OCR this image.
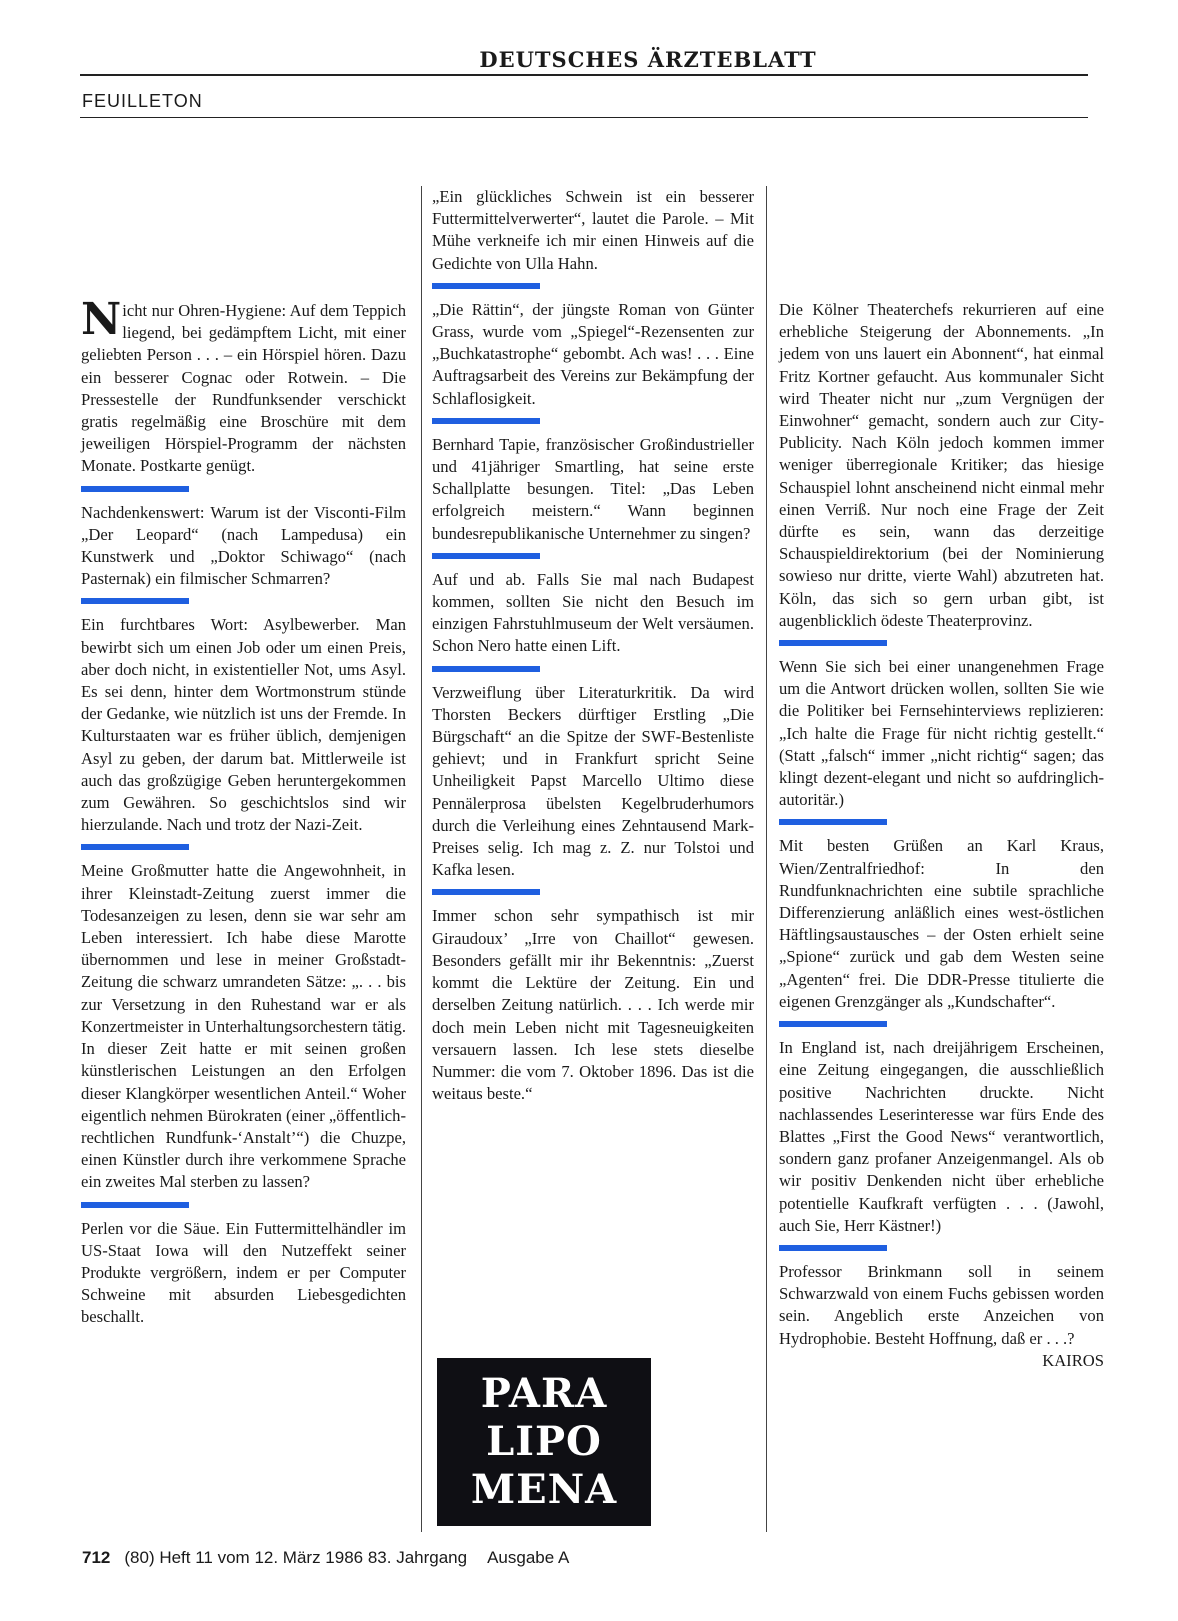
DEUTSCHES ÄRZTEBLATT
FEUILLETON

Nicht nur Ohren-Hygiene: Auf dem Teppich liegend, bei gedämpftem Licht, mit einer geliebten Person . . . – ein Hörspiel hören. Dazu ein besserer Cognac oder Rotwein. – Die Pressestelle der Rundfunksender verschickt gratis regelmäßig eine Broschüre mit dem jeweiligen Hörspiel-Programm der nächsten Monate. Postkarte genügt.

Nachdenkenswert: Warum ist der Visconti-Film „Der Leopard“ (nach Lampedusa) ein Kunstwerk und „Doktor Schiwago“ (nach Pasternak) ein filmischer Schmarren?

Ein furchtbares Wort: Asylbewerber. Man bewirbt sich um einen Job oder um einen Preis, aber doch nicht, in existentieller Not, ums Asyl. Es sei denn, hinter dem Wortmonstrum stünde der Gedanke, wie nützlich ist uns der Fremde. In Kulturstaaten war es früher üblich, demjenigen Asyl zu geben, der darum bat. Mittlerweile ist auch das großzügige Geben heruntergekommen zum Gewähren. So geschichtslos sind wir hierzulande. Nach und trotz der Nazi-Zeit.

Meine Großmutter hatte die Angewohnheit, in ihrer Kleinstadt-Zeitung zuerst immer die Todesanzeigen zu lesen, denn sie war sehr am Leben interessiert. Ich habe diese Marotte übernommen und lese in meiner Großstadt-Zeitung die schwarz umrandeten Sätze: „. . . bis zur Versetzung in den Ruhestand war er als Konzertmeister in Unterhaltungsorchestern tätig. In dieser Zeit hatte er mit seinen großen künstlerischen Leistungen an den Erfolgen dieser Klangkörper wesentlichen Anteil.“ Woher eigentlich nehmen Bürokraten (einer „öffentlich-rechtlichen Rundfunk-‘Anstalt’“) die Chuzpe, einen Künstler durch ihre verkommene Sprache ein zweites Mal sterben zu lassen?

Perlen vor die Säue. Ein Futtermittelhändler im US-Staat Iowa will den Nutzeffekt seiner Produkte vergrößern, indem er per Computer Schweine mit absurden Liebesgedichten beschallt.

„Ein glückliches Schwein ist ein besserer Futtermittelverwerter“, lautet die Parole. – Mit Mühe verkneife ich mir einen Hinweis auf die Gedichte von Ulla Hahn.

„Die Rättin“, der jüngste Roman von Günter Grass, wurde vom „Spiegel“-Rezensenten zur „Buchkatastrophe“ gebombt. Ach was! . . . Eine Auftragsarbeit des Vereins zur Bekämpfung der Schlaflosigkeit.

Bernhard Tapie, französischer Großindustrieller und 41jähriger Smartling, hat seine erste Schallplatte besungen. Titel: „Das Leben erfolgreich meistern.“ Wann beginnen bundesrepublikanische Unternehmer zu singen?

Auf und ab. Falls Sie mal nach Budapest kommen, sollten Sie nicht den Besuch im einzigen Fahrstuhlmuseum der Welt versäumen. Schon Nero hatte einen Lift.

Verzweiflung über Literaturkritik. Da wird Thorsten Beckers dürftiger Erstling „Die Bürgschaft“ an die Spitze der SWF-Bestenliste gehievt; und in Frankfurt spricht Seine Unheiligkeit Papst Marcello Ultimo diese Pennälerprosa übelsten Kegelbruderhumors durch die Verleihung eines Zehntausend Mark-Preises selig. Ich mag z. Z. nur Tolstoi und Kafka lesen.

Immer schon sehr sympathisch ist mir Giraudoux’ „Irre von Chaillot“ gewesen. Besonders gefällt mir ihr Bekenntnis: „Zuerst kommt die Lektüre der Zeitung. Ein und derselben Zeitung natürlich. . . . Ich werde mir doch mein Leben nicht mit Tagesneuigkeiten versauern lassen. Ich lese stets dieselbe Nummer: die vom 7. Oktober 1896. Das ist die weitaus beste.“

PARA
LIPO
MENA

Die Kölner Theaterchefs rekurrieren auf eine erhebliche Steigerung der Abonnements. „In jedem von uns lauert ein Abonnent“, hat einmal Fritz Kortner gefaucht. Aus kommunaler Sicht wird Theater nicht nur „zum Vergnügen der Einwohner“ gemacht, sondern auch zur City-Publicity. Nach Köln jedoch kommen immer weniger überregionale Kritiker; das hiesige Schauspiel lohnt anscheinend nicht einmal mehr einen Verriß. Nur noch eine Frage der Zeit dürfte es sein, wann das derzeitige Schauspieldirektorium (bei der Nominierung sowieso nur dritte, vierte Wahl) abzutreten hat. Köln, das sich so gern urban gibt, ist augenblicklich ödeste Theaterprovinz.

Wenn Sie sich bei einer unangenehmen Frage um die Antwort drücken wollen, sollten Sie wie die Politiker bei Fernsehinterviews replizieren: „Ich halte die Frage für nicht richtig gestellt.“ (Statt „falsch“ immer „nicht richtig“ sagen; das klingt dezent-elegant und nicht so aufdringlich-autoritär.)

Mit besten Grüßen an Karl Kraus, Wien/Zentralfriedhof: In den Rundfunknachrichten eine subtile sprachliche Differenzierung anläßlich eines west-östlichen Häftlingsaustausches – der Osten erhielt seine „Spione“ zurück und gab dem Westen seine „Agenten“ frei. Die DDR-Presse titulierte die eigenen Grenzgänger als „Kundschafter“.

In England ist, nach dreijährigem Erscheinen, eine Zeitung eingegangen, die ausschließlich positive Nachrichten druckte. Nicht nachlassendes Leserinteresse war fürs Ende des Blattes „First the Good News“ verantwortlich, sondern ganz profaner Anzeigenmangel. Als ob wir positiv Denkenden nicht über erhebliche potentielle Kaufkraft verfügten . . . (Jawohl, auch Sie, Herr Kästner!)

Professor Brinkmann soll in seinem Schwarzwald von einem Fuchs gebissen worden sein. Angeblich erste Anzeichen von Hydrophobie. Besteht Hoffnung, daß er . . .?
KAIROS

712 (80) Heft 11 vom 12. März 1986 83. Jahrgang Ausgabe A
